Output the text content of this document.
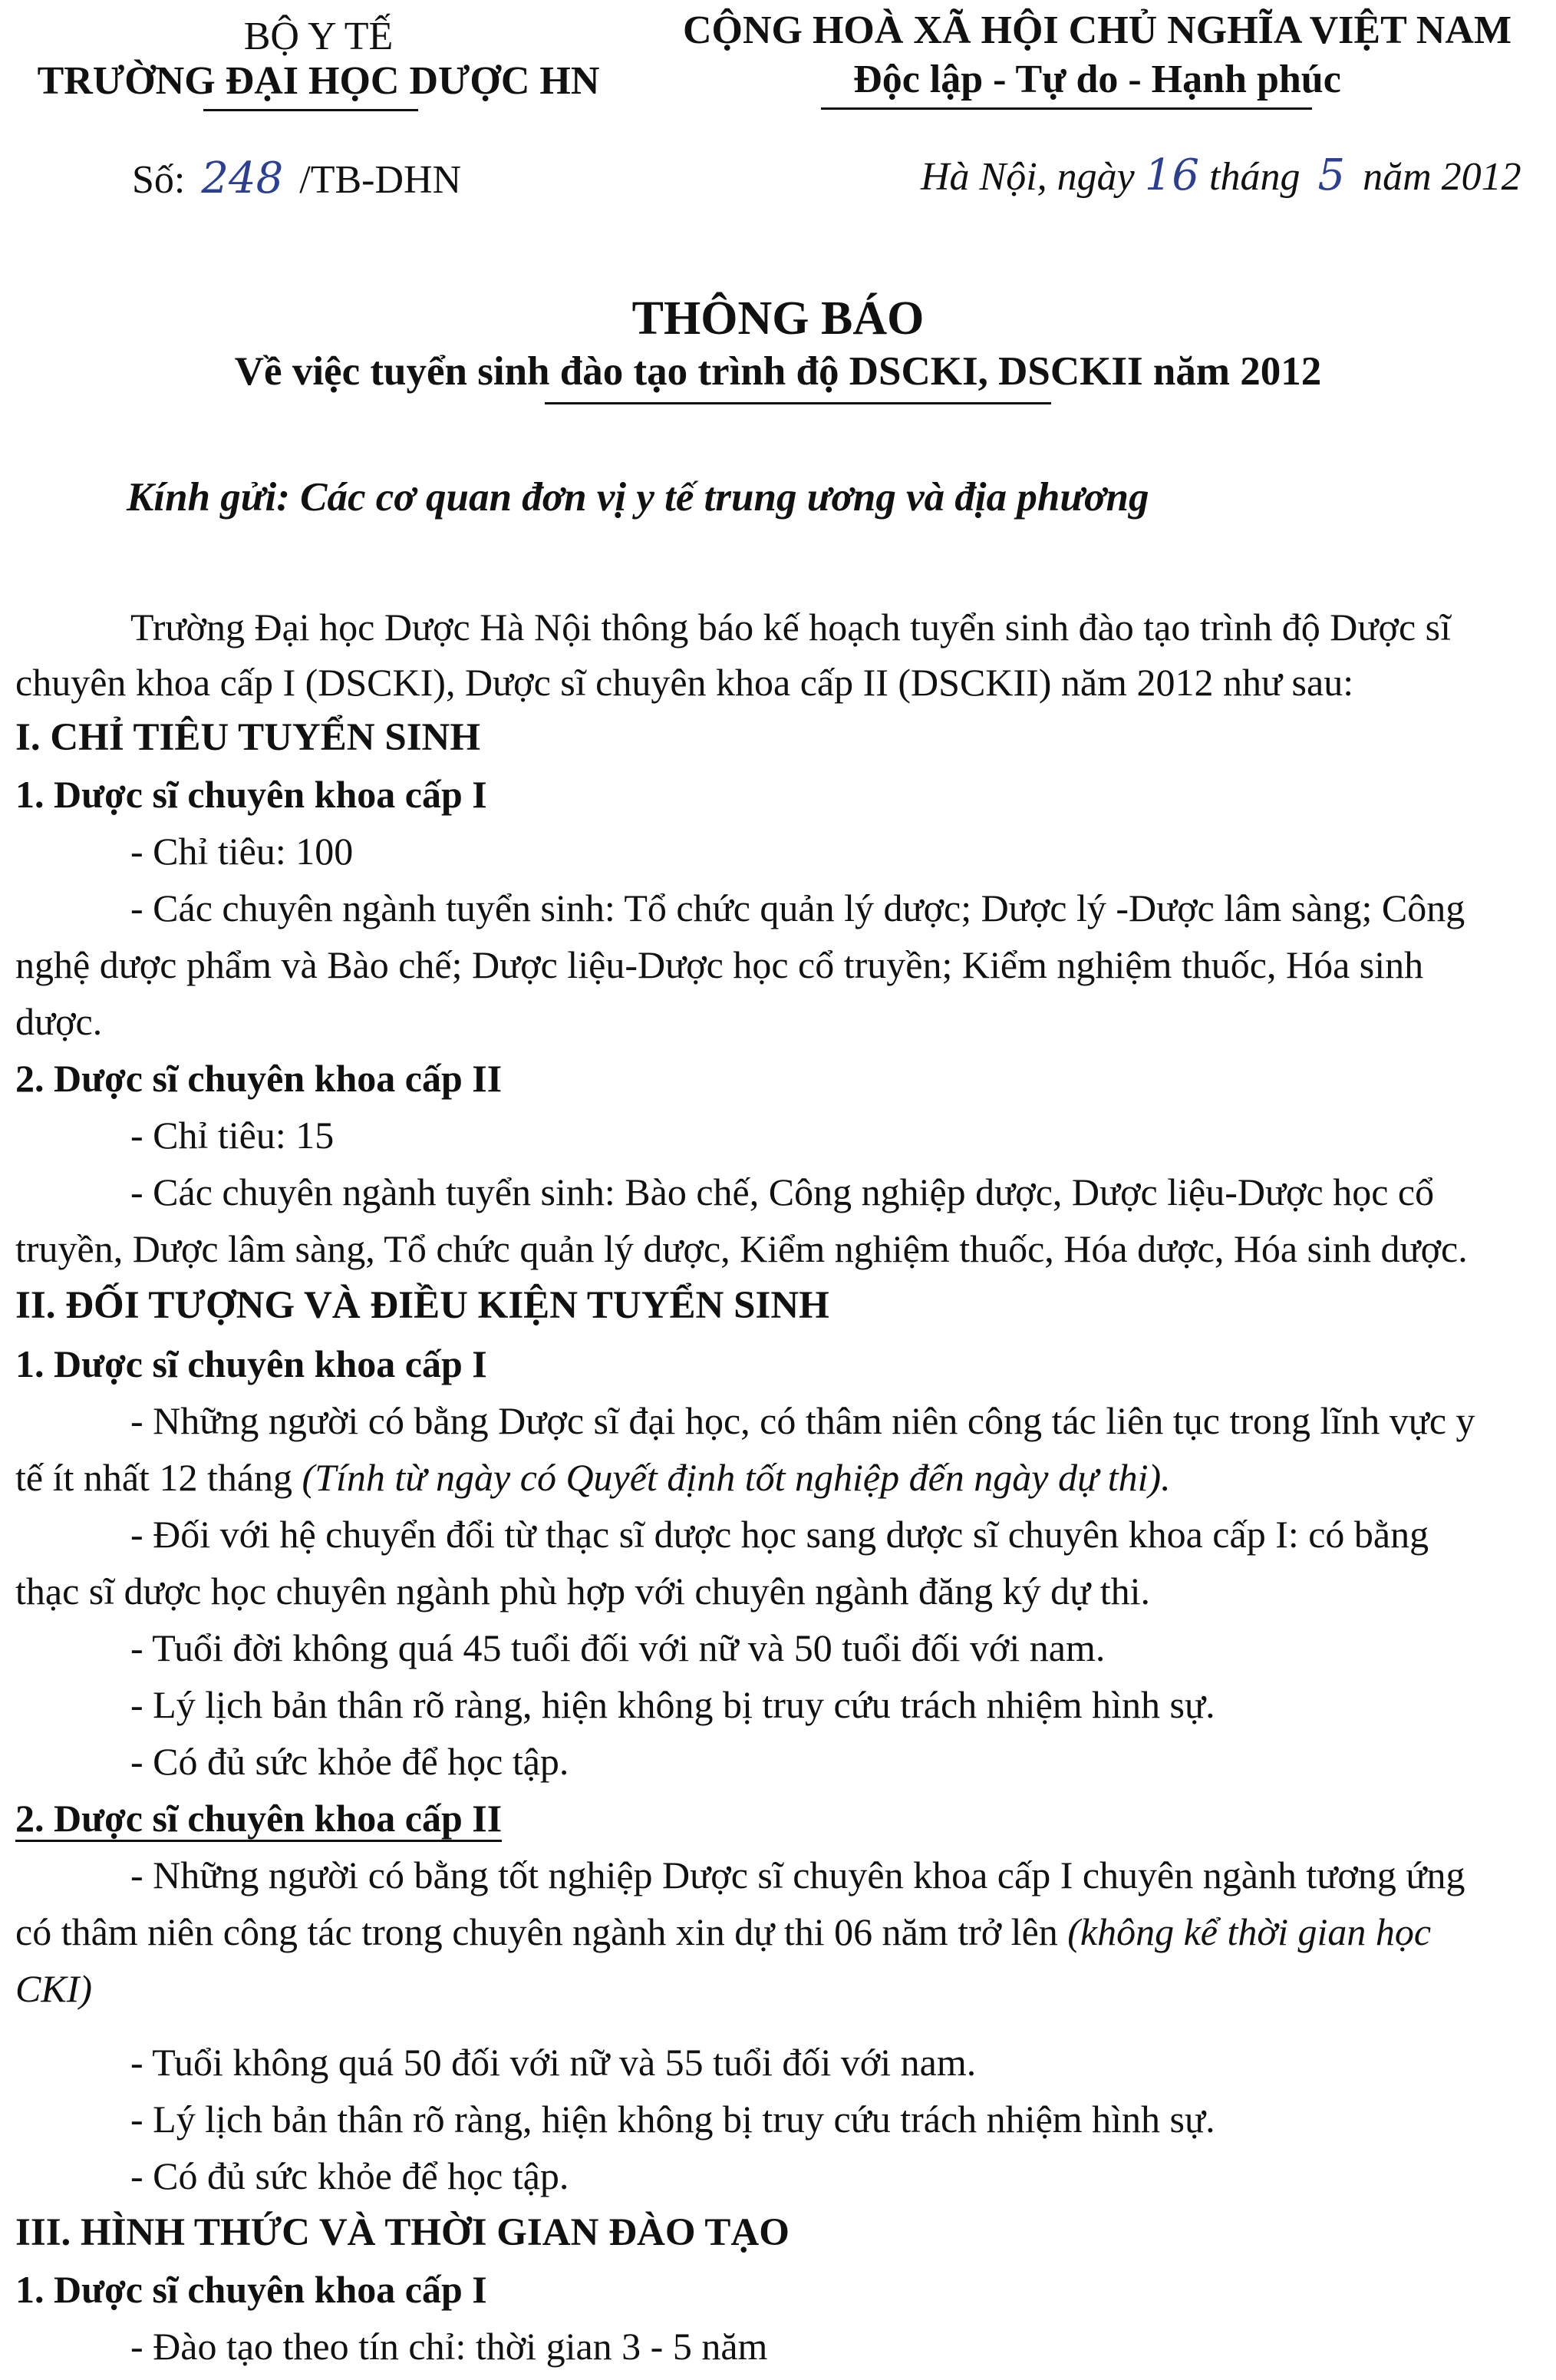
BỘ Y TẾ
TRƯỜNG ĐẠI HỌC DƯỢC HN
CỘNG HOÀ XÃ HỘI CHỦ NGHĨA VIỆT NAM
Độc lập - Tự do - Hạnh phúc
Số: 248 /TB-DHN	Hà Nội, ngày 16 tháng 5 năm 2012
THÔNG BÁO
Về việc tuyển sinh đào tạo trình độ DSCKI, DSCKII năm 2012
Kính gửi: Các cơ quan đơn vị y tế trung ương và địa phương
Trường Đại học Dược Hà Nội thông báo kế hoạch tuyển sinh đào tạo trình độ Dược sĩ
chuyên khoa cấp I (DSCKI), Dược sĩ chuyên khoa cấp II (DSCKII) năm 2012 như sau:
I. CHỈ TIÊU TUYỂN SINH
1. Dược sĩ chuyên khoa cấp I
- Chỉ tiêu: 100
- Các chuyên ngành tuyển sinh: Tổ chức quản lý dược; Dược lý -Dược lâm sàng; Công
nghệ dược phẩm và Bào chế; Dược liệu-Dược học cổ truyền; Kiểm nghiệm thuốc, Hóa sinh
dược.
2. Dược sĩ chuyên khoa cấp II
- Chỉ tiêu: 15
- Các chuyên ngành tuyển sinh: Bào chế, Công nghiệp dược, Dược liệu-Dược học cổ
truyền, Dược lâm sàng, Tổ chức quản lý dược, Kiểm nghiệm thuốc, Hóa dược, Hóa sinh dược.
II. ĐỐI TƯỢNG VÀ ĐIỀU KIỆN TUYỂN SINH
1. Dược sĩ chuyên khoa cấp I
- Những người có bằng Dược sĩ đại học, có thâm niên công tác liên tục trong lĩnh vực y
tế ít nhất 12 tháng (Tính từ ngày có Quyết định tốt nghiệp đến ngày dự thi).
- Đối với hệ chuyển đổi từ thạc sĩ dược học sang dược sĩ chuyên khoa cấp I: có bằng
thạc sĩ dược học chuyên ngành phù hợp với chuyên ngành đăng ký dự thi.
- Tuổi đời không quá 45 tuổi đối với nữ và 50 tuổi đối với nam.
- Lý lịch bản thân rõ ràng, hiện không bị truy cứu trách nhiệm hình sự.
- Có đủ sức khỏe để học tập.
2. Dược sĩ chuyên khoa cấp II
- Những người có bằng tốt nghiệp Dược sĩ chuyên khoa cấp I chuyên ngành tương ứng
có thâm niên công tác trong chuyên ngành xin dự thi 06 năm trở lên (không kể thời gian học
CKI)
- Tuổi không quá 50 đối với nữ và 55 tuổi đối với nam.
- Lý lịch bản thân rõ ràng, hiện không bị truy cứu trách nhiệm hình sự.
- Có đủ sức khỏe để học tập.
III. HÌNH THỨC VÀ THỜI GIAN ĐÀO TẠO
1. Dược sĩ chuyên khoa cấp I
- Đào tạo theo tín chỉ: thời gian 3 - 5 năm
